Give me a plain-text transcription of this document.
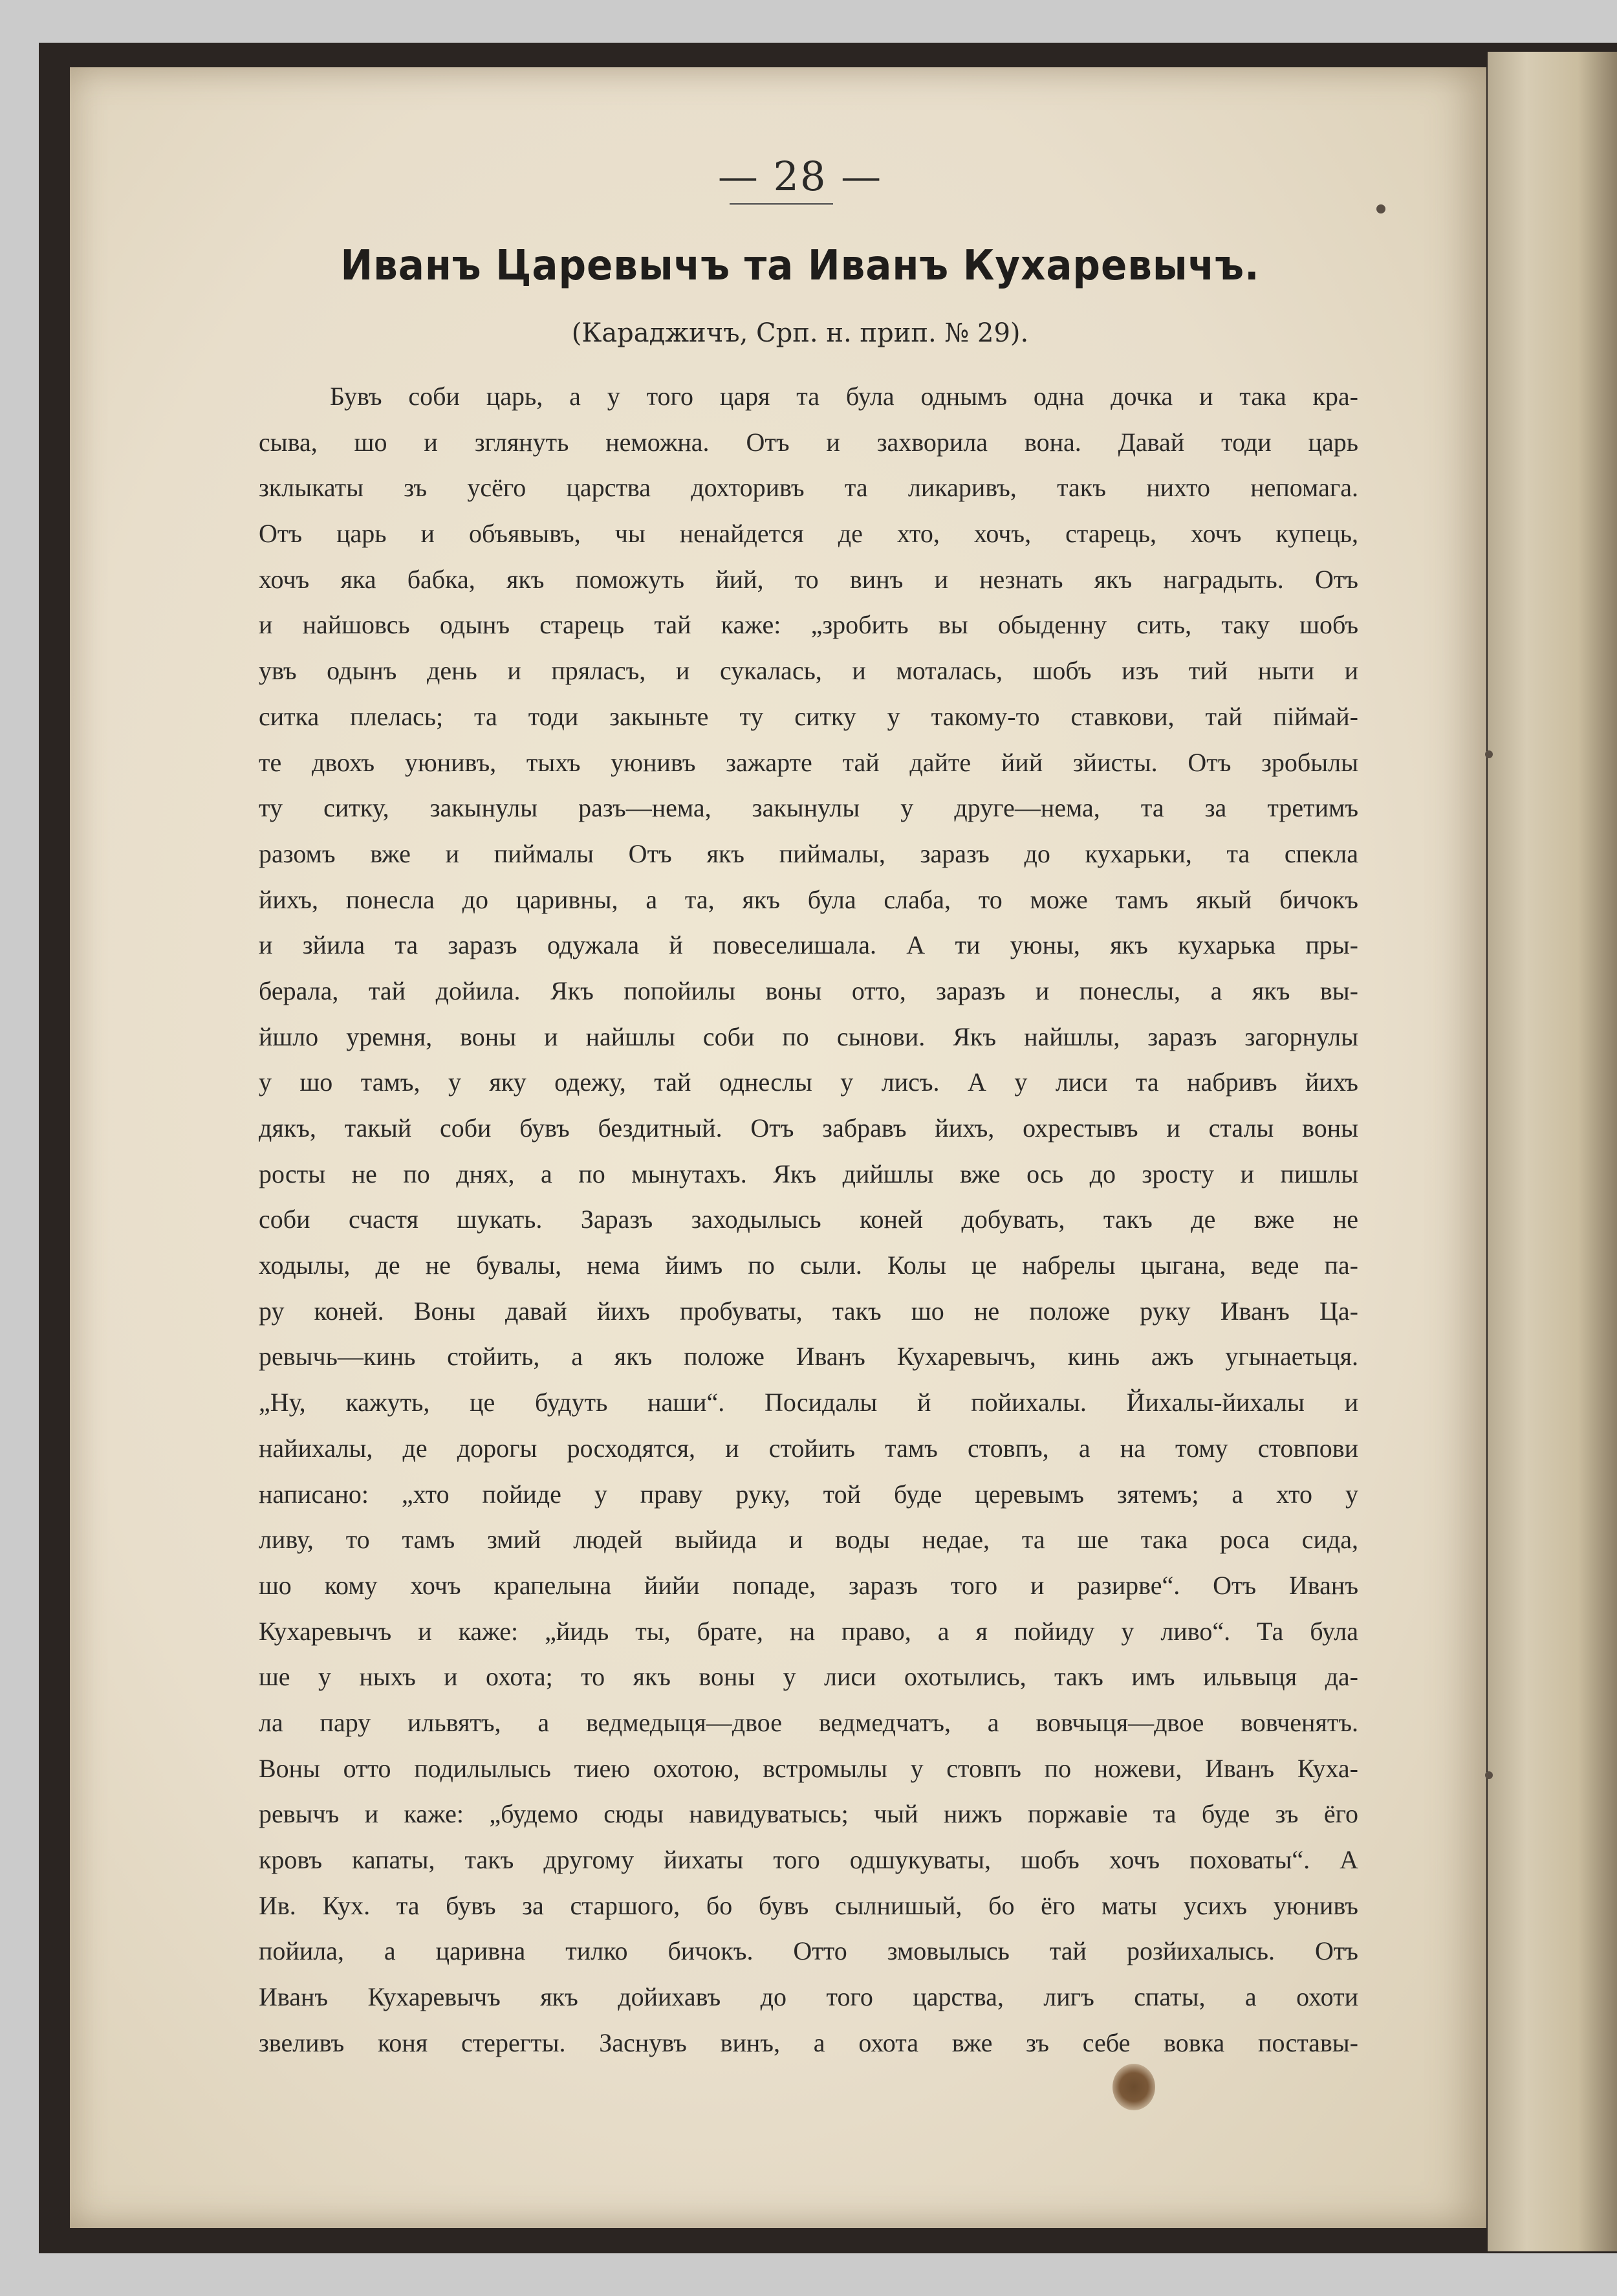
— 28 —
Иванъ Царевычъ та Иванъ Кухаревычъ.
(Караджичъ, Срп. н. прип. № 29).
Бувъ соби царь, а у того царя та була однымъ одна дочка и така кра-
сыва, шо и зглянуть неможна. Отъ и захворила вона. Давай тоди царь
зклыкаты зъ усёго царства дохторивъ та ликаривъ, такъ нихто непомага.
Отъ царь и объявывъ, чы ненайдется де хто, хочъ, старець, хочъ купець,
хочъ яка бабка, якъ поможуть йий, то винъ и незнать якъ нагрaдыть. Отъ
и найшовсь одынъ старець тай каже: „зробить вы обыденну сить, таку шобъ
увъ одынъ день и пряласъ, и сукалась, и моталась, шобъ изъ тий ныти и
ситка плелась; та тоди закыньте ту ситку у такому-то ставкови, тай піймай-
те двохъ уюнивъ, тыхъ уюнивъ зажарте тай дайте йий зйисты. Отъ зробылы
ту ситку, закынулы разъ—нема, закынулы у друге—нема, та за третимъ
разомъ вже и пиймалы Отъ якъ пиймалы, заразъ до кухарьки, та спекла
йихъ, понесла до царивны, а та, якъ була слаба, то може тамъ якый бичокъ
и зйила та заразъ одужала й повеселишала. А ти уюны, якъ кухарька пры-
берала, тай дойила. Якъ попойилы воны отто, заразъ и понеслы, а якъ вы-
йшло уремня, воны и найшлы соби по сынови. Якъ найшлы, заразъ загорнулы
у шо тамъ, у яку одежу, тай однеслы у лисъ. А у лиси та набривъ йихъ
дякъ, такый соби бувъ бездитный. Отъ забравъ йихъ, охрестывъ и сталы воны
росты не по днях, а по мынутахъ. Якъ дийшлы вже ось до зросту и пишлы
соби счастя шукать. Заразъ заходылысь коней добувать, такъ де вже не
ходылы, де не бувалы, нема йимъ по сыли. Колы це набрелы цыгана, веде па-
ру коней. Воны давай йихъ пробуваты, такъ шо не положе руку Иванъ Ца-
ревычь—кинь стойить, а якъ положе Иванъ Кухаревычъ, кинь ажъ угынаетьця.
„Ну, кажуть, це будуть наши“. Посидалы й пойихалы. Йихалы-йихалы и
найихалы, де дорогы росходятся, и стойить тамъ стовпъ, а на тому стовпови
написано: „хто пойиде у праву руку, той буде церевымъ зятемъ; а хто у
ливу, то тамъ змий людей выйида и воды недае, та ше така роса сида,
шо кому хочъ крапелына йийи попаде, заразъ того и разирве“. Отъ Иванъ
Кухаревычъ и каже: „йидь ты, брате, на право, а я пойиду у ливо“. Та була
ше у ныхъ и охота; то якъ воны у лиси охотылись, такъ имъ ильвыця да-
ла пару ильвятъ, а ведмедыця—двое ведмедчатъ, а вовчыця—двое вовченятъ.
Воны отто подилылысь тиею охотою, встромылы у стовпъ по ножеви, Иванъ Куха-
ревычъ и каже: „будемо сюды навидуватысь; чый нижъ поржавіе та буде зъ ёго
кровъ капаты, такъ другому йихаты того одшукуваты, шобъ хочъ поховаты“. А
Ив. Кух. та бувъ за старшого, бо бувъ сылнишый, бо ёго маты усихъ уюнивъ
пойила, а царивна тилко бичокъ. Отто змовылысь тай розйихалысь. Отъ
Иванъ Кухаревычъ якъ дойихавъ до того царства, лигъ спаты, а охоти
звеливъ коня стерегты. Заснувъ винъ, а охота вже зъ себе вовка поставы-
